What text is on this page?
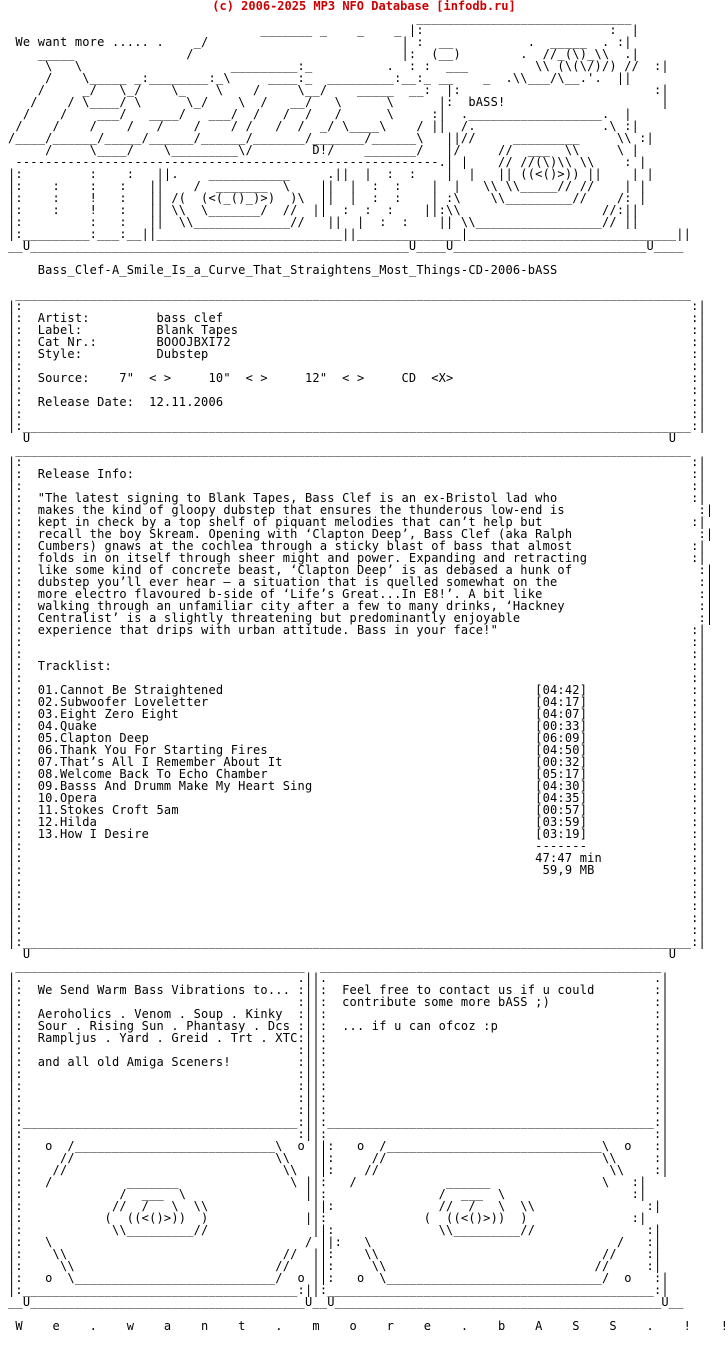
(c) 2006-2025 MP3 NFO Database [infodb.ru]
_____________________________
_______ _    _    _ |:                         :  |
We want more ..... .    _/                          | :  __          .  _____  . :|
_____               /                            |:  (__)        .  //_(\)_\\  .|
\   \                    _________:_          .  : :  ___         \\ (\(\/)/) //  :|
/    \_____ _:________:_\     ____:_  _________:__:_ __    _  .\\___/\__.'.  ||
/     _/   \_/    \_    \    /     \__/    _____  __:  |:                          :|
/    / \____/ \      \_/    \  /   __/   \      \      |:  bASS!                     |
/    /    ___/   ____/   ___/  /   /  /   /      \     :|  .__________________.  |
/    /    /    /   /    /    / /   /  /  _/ \____\    / ||  /.                 .\ :|
/____/______/_____/______/______/_______/_______/______\   ||//     _________     \\ :|
/     \____/    \_________\/        D!/    _______/   |/     //  ___  \\     \ |
---------------------------------------------------------.| |    // //(\)\\ \\    : |
|:         :    :   ||.    ___________     .||  |  :  :    |  |   || ((<()>)) ||    | |
|:    :    :   :   ||    /  _______  \    ||  |  :  :    |  |   \\ \\_____// //    | |
|:    :    !   :   || /(  (<(_()_)>)  )\  ||  |  :  :    | :\    \\_________//    /: |
|:    :    !   :   || \\  \_______/  //  ||  :  :  :    ||:\\                   //:||
|:         :   :   ||  \\_____________//   ||  |  :  :    || \\_________________// ||
|:_________:___:__||_________________________||______________|____________________________||
__U___________________________________________________U____U__________________________U____

Bass_Clef-A_Smile_Is_a_Curve_That_Straightens_Most_Things-CD-2006-bASS

___________________________________________________________________________________________
|:                                                                                          :|
|:  Artist:         bass clef                                                               :|
|:  Label:          Blank Tapes                                                             :|
|:  Cat Nr.:        BOOOJBXI72                                                              :|
|:  Style:          Dubstep                                                                 :|
|:                                                                                          :|
|:  Source:    7"  < >     10"  < >     12"  < >     CD  <X>                                :|
|:                                                                                          :|
|:  Release Date:  12.11.2006                                                               :|
|:                                                                                          :|
|:__________________________________________________________________________________________:|
U                                                                                      U
___________________________________________________________________________________________
|:                                                                                          :|
|:  Release Info:                                                                           :|
|:                                                                                          :|
|:  "The latest signing to Blank Tapes, Bass Clef is an ex-Bristol lad who                  :|
|:  makes the kind of gloopy dubstep that ensures the thunderous low-end is                  :|
|:  kept in check by a top shelf of piquant melodies that can’t help but                    :|
|:  recall the boy Skream. Opening with ‘Clapton Deep’, Bass Clef (aka Ralph                 :|
|:  Cumbers) gnaws at the cochlea through a sticky blast of bass that almost                :|
|:  folds in on itself through sheer might and power. Expanding and retracting              :|
|:  like some kind of concrete beast, ‘Clapton Deep’ is as debased a hunk of                 :|
|:  dubstep you’ll ever hear – a situation that is quelled somewhat on the                   :|
|:  more electro flavoured b-side of ‘Life’s Great...In E8!’. A bit like                     :|
|:  walking through an unfamiliar city after a few to many drinks, ‘Hackney                  :|
|:  Centralist’ is a slightly threatening but predominantly enjoyable                        :|
|:  experience that drips with urban attitude. Bass in your face!"                          :|
|:                                                                                          :|
|:                                                                                          :|
|:  Tracklist:                                                                              :|
|:                                                                                          :|
|:  01.Cannot Be Straightened                                          [04:42]              :|
|:  02.Subwoofer Loveletter                                            [04:17]              :|
|:  03.Eight Zero Eight                                                [04:07]              :|
|:  04.Quake                                                           [00:33]              :|
|:  05.Clapton Deep                                                    [06:09]              :|
|:  06.Thank You For Starting Fires                                    [04:50]              :|
|:  07.That’s All I Remember About It                                  [00:32]              :|
|:  08.Welcome Back To Echo Chamber                                    [05:17]              :|
|:  09.Basss And Drumm Make My Heart Sing                              [04:30]              :|
|:  10.Opera                                                           [04:35]              :|
|:  11.Stokes Croft 5am                                                [00:57]              :|
|:  12.Hilda                                                           [03:59]              :|
|:  13.How I Desire                                                    [03:19]              :|
|:                                                                     -------              :|
|:                                                                     47:47 min            :|
|:                                                                      59,9 MB             :|
|:                                                                                          :|
|:                                                                                          :|
|:                                                                                          :|
|:                                                                                          :|
|:                                                                                          :|
|:__________________________________________________________________________________________:|
U                                                                                      U
_______________________________________  ______________________________________________
|.                                     .||.                                            .|
|:  We Send Warm Bass Vibrations to... :||:  Feel free to contact us if u could        :|
|:                                     :||:  contribute some more bASS ;)              :|
|:  Aeroholics . Venom . Soup . Kinky  :||:                                            :|
|:  Sour . Rising Sun . Phantasy . Dcs :||:  ... if u can ofcoz :p                     :|
|:  Rampljus . Yard . Greid . Trt . XTC:||:                                            :|
|:                                     :||:                                            :|
|:  and all old Amiga Sceners!         :||:                                            :|
|:                                     :||:                                            :|
|:                                     :||:                                            :|
|:                                     :||:                                            :|
|:                                     :||:                                            :|
|:_____________________________________:||:____________________________________________:|
|:                                     :||:                                            :|
|:   o  /___________________________\  o ||:   o  /_____________________________\  o   :|
|:     //                           \\   ||:     //                             \\     :|
|:    //                             \\  ||:    //                               \\    :|
|:   /          _______               \ ||:   /            ______               \   :|
|:             /  ___  \                ||:               /  ___  \                 :|
|:            //  /   \  \\              ||:              //  /   \  \\               :|
|:           (  ((<()>))  )             ||:             (  ((<()>))  )              :|
|:            \\_________//              ||:              \\_________//               :|
|:   \                                  / ||:   \                                 /   :|
|:    \\                             //  ||:    \\                              //    :|
|:     \\                           //   ||:     \\                            //     :|
|:   o  \___________________________/  o ||:   o  \_____________________________/  o   :|
|:_____________________________________:||:____________________________________________:|
__U_____________________________________U__U____________________________________________U__

W    e    .    w    a    n    t    .    m    o    r    e    .    b    A    S    S    .    !    !
